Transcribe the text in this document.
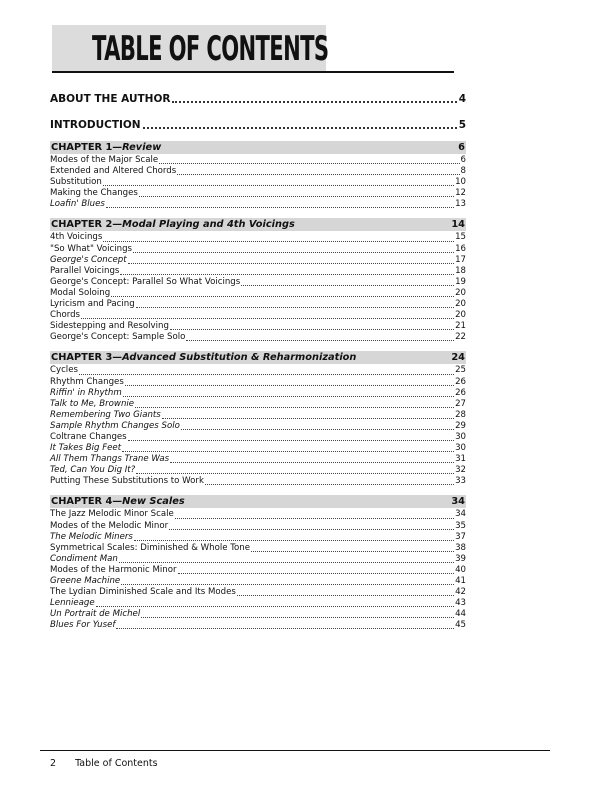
TABLE OF CONTENTS
ABOUT THE AUTHOR	4
INTRODUCTION	5
CHAPTER 1—Review	6
Modes of the Major Scale	6
Extended and Altered Chords	8
Substitution	10
Making the Changes	12
Loafin' Blues	13
CHAPTER 2—Modal Playing and 4th Voicings	14
4th Voicings	15
"So What" Voicings	16
George's Concept	17
Parallel Voicings	18
George's Concept: Parallel So What Voicings	19
Modal Soloing	20
Lyricism and Pacing	20
Chords	20
Sidestepping and Resolving	21
George's Concept: Sample Solo	22
CHAPTER 3—Advanced Substitution & Reharmonization	24
Cycles	25
Rhythm Changes	26
Riffin' in Rhythm	26
Talk to Me, Brownie	27
Remembering Two Giants	28
Sample Rhythm Changes Solo	29
Coltrane Changes	30
It Takes Big Feet	30
All Them Thangs Trane Was	31
Ted, Can You Dig It?	32
Putting These Substitutions to Work	33
CHAPTER 4—New Scales	34
The Jazz Melodic Minor Scale	34
Modes of the Melodic Minor	35
The Melodic Miners	37
Symmetrical Scales: Diminished & Whole Tone	38
Condiment Man	39
Modes of the Harmonic Minor	40
Greene Machine	41
The Lydian Diminished Scale and Its Modes	42
Lennieage	43
Un Portrait de Michel	44
Blues For Yusef	45
2 Table of Contents
